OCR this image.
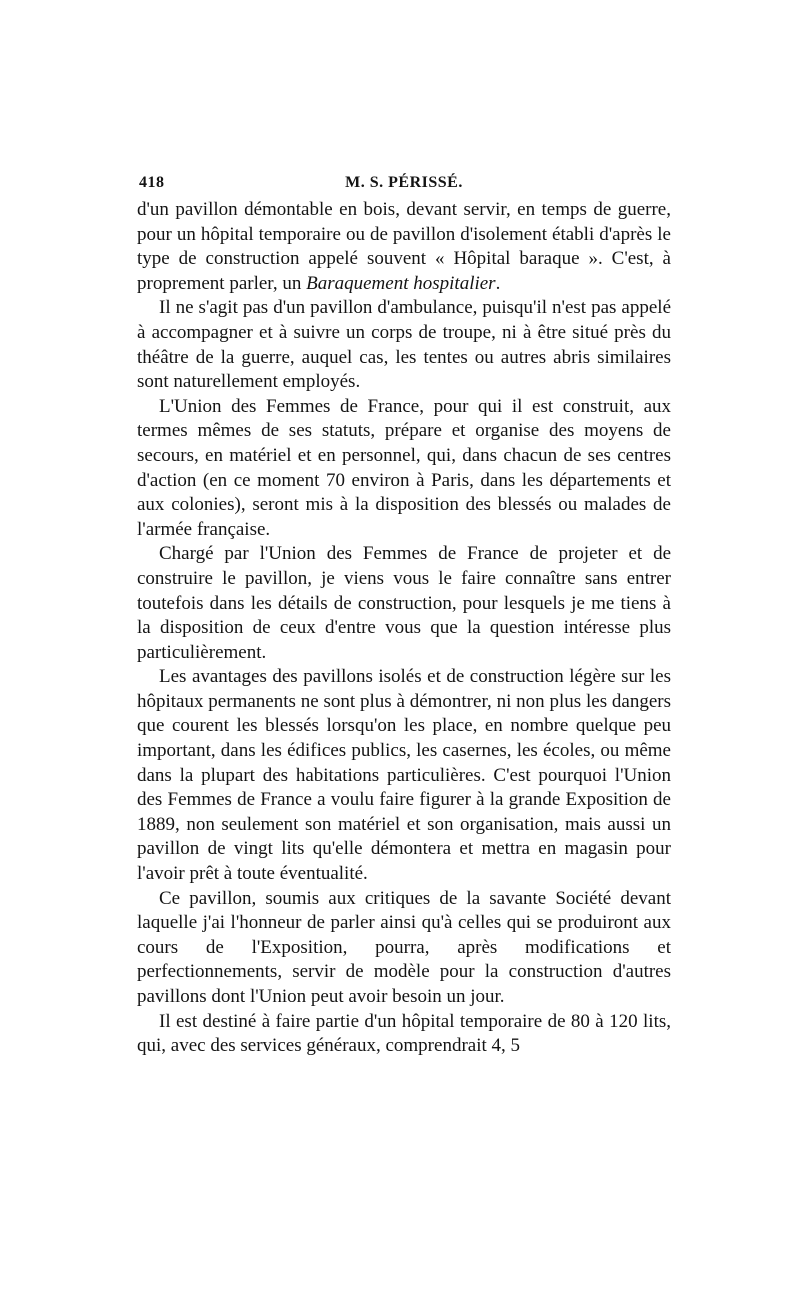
418	M. S. PÉRISSÉ.

d'un pavillon démontable en bois, devant servir, en temps de guerre, pour un hôpital temporaire ou de pavillon d'isolement établi d'après le type de construction appelé souvent « Hôpital baraque ». C'est, à proprement parler, un Baraquement hospitalier.

Il ne s'agit pas d'un pavillon d'ambulance, puisqu'il n'est pas appelé à accompagner et à suivre un corps de troupe, ni à être situé près du théâtre de la guerre, auquel cas, les tentes ou autres abris similaires sont naturellement employés.

L'Union des Femmes de France, pour qui il est construit, aux termes mêmes de ses statuts, prépare et organise des moyens de secours, en matériel et en personnel, qui, dans chacun de ses centres d'action (en ce moment 70 environ à Paris, dans les départements et aux colonies), seront mis à la disposition des blessés ou malades de l'armée française.

Chargé par l'Union des Femmes de France de projeter et de construire le pavillon, je viens vous le faire connaître sans entrer toutefois dans les détails de construction, pour lesquels je me tiens à la disposition de ceux d'entre vous que la question intéresse plus particulièrement.

Les avantages des pavillons isolés et de construction légère sur les hôpitaux permanents ne sont plus à démontrer, ni non plus les dangers que courent les blessés lorsqu'on les place, en nombre quelque peu important, dans les édifices publics, les casernes, les écoles, ou même dans la plupart des habitations particulières. C'est pourquoi l'Union des Femmes de France a voulu faire figurer à la grande Exposition de 1889, non seulement son matériel et son organisation, mais aussi un pavillon de vingt lits qu'elle démontera et mettra en magasin pour l'avoir prêt à toute éventualité.

Ce pavillon, soumis aux critiques de la savante Société devant laquelle j'ai l'honneur de parler ainsi qu'à celles qui se produiront aux cours de l'Exposition, pourra, après modifications et perfectionnements, servir de modèle pour la construction d'autres pavillons dont l'Union peut avoir besoin un jour.

Il est destiné à faire partie d'un hôpital temporaire de 80 à 120 lits, qui, avec des services généraux, comprendrait 4, 5
